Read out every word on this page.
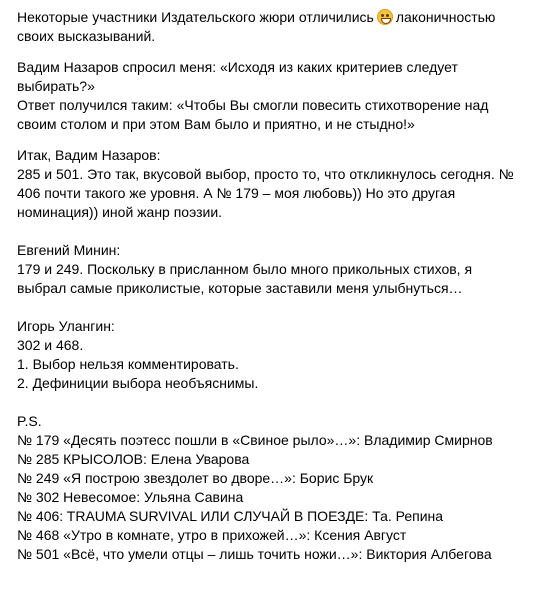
Некоторые участники Издательского жюри отличились лаконичностью
своих высказываний.
Вадим Назаров спросил меня: «Исходя из каких критериев следует
выбирать?»
Ответ получился таким: «Чтобы Вы смогли повесить стихотворение над
своим столом и при этом Вам было и приятно, и не стыдно!»
Итак, Вадим Назаров:
285 и 501. Это так, вкусовой выбор, просто то, что откликнулось сегодня. №
406 почти такого же уровня. А № 179 – моя любовь)) Но это другая
номинация)) иной жанр поэзии.
Евгений Минин:
179 и 249. Поскольку в присланном было много прикольных стихов, я
выбрал самые приколистые, которые заставили меня улыбнуться…
Игорь Улангин:
302 и 468.
1. Выбор нельзя комментировать.
2. Дефиниции выбора необъяснимы.
P.S.
№ 179 «Десять поэтесс пошли в «Свиное рыло»…»: Владимир Смирнов
№ 285 КРЫСОЛОВ: Елена Уварова
№ 249 «Я построю звездолет во дворе…»: Борис Брук
№ 302 Невесомое: Ульяна Савина
№ 406: TRAUMA SURVIVAL ИЛИ СЛУЧАЙ В ПОЕЗДЕ: Та. Репина
№ 468 «Утро в комнате, утро в прихожей…»: Ксения Август
№ 501 «Всё, что умели отцы – лишь точить ножи…»: Виктория Албегова
